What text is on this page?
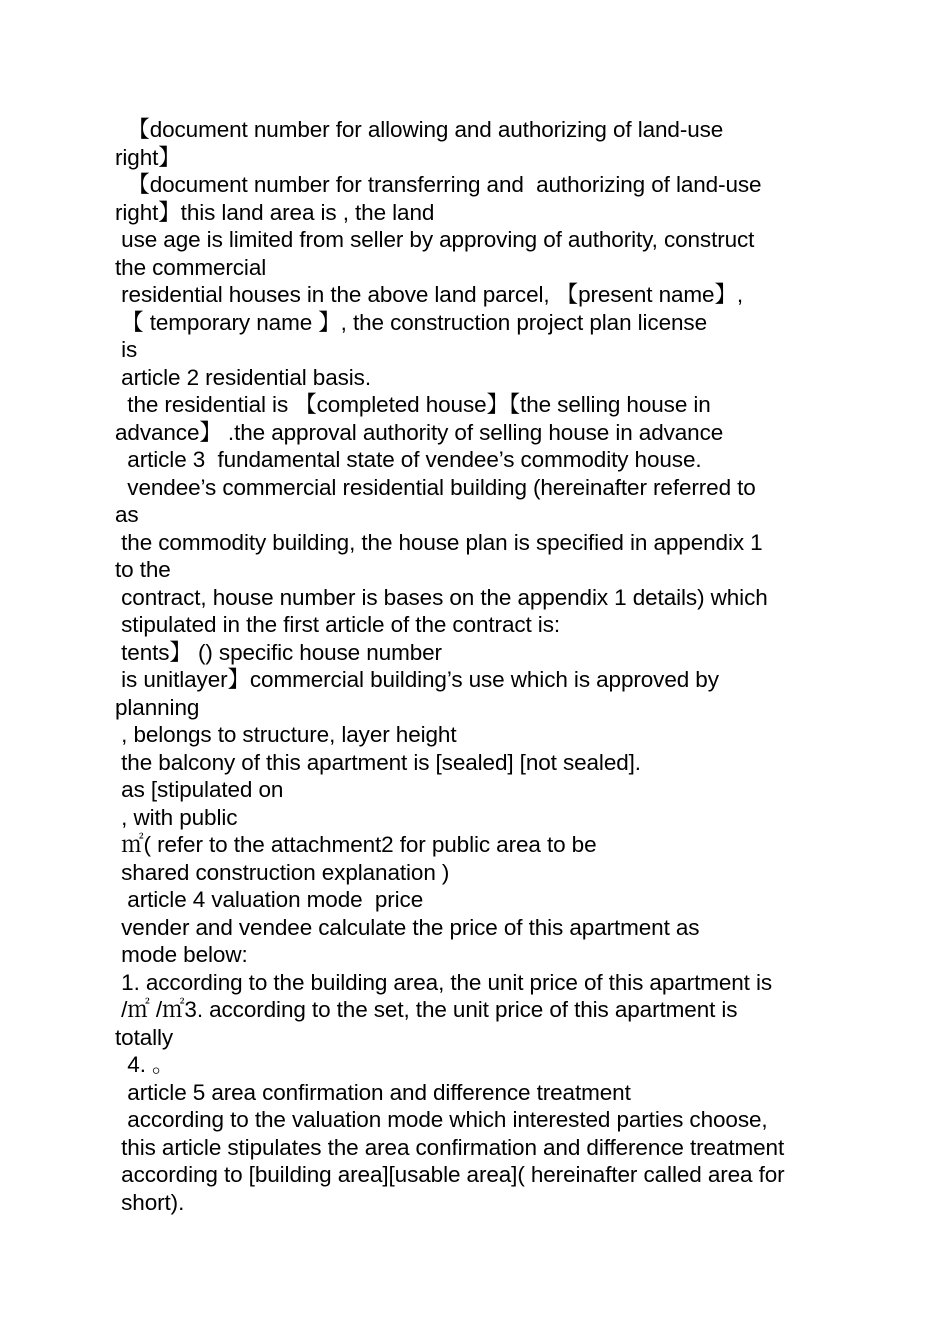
【document number for allowing and authorizing of land-use
right】
【document number for transferring and  authorizing of land-use
right】this land area is , the land
use age is limited from seller by approving of authority, construct
the commercial
residential houses in the above land parcel, 【present name】,
【 temporary name 】, the construction project plan license
is
article 2 residential basis.
the residential is 【completed house】【the selling house in
advance】 .the approval authority of selling house in advance
article 3  fundamental state of vendee’s commodity house.
vendee’s commercial residential building (hereinafter referred to
as
the commodity building, the house plan is specified in appendix 1
to the
contract, house number is bases on the appendix 1 details) which
stipulated in the first article of the contract is:
tents】 () specific house number
is unitlayer】commercial building’s use which is approved by
planning
, belongs to structure, layer height
the balcony of this apartment is [sealed] [not sealed].
as [stipulated on
, with public
㎡( refer to the attachment2 for public area to be
shared construction explanation )
article 4 valuation mode  price
vender and vendee calculate the price of this apartment as
mode below:
1. according to the building area, the unit price of this apartment is
/㎡ /㎡3. according to the set, the unit price of this apartment is
totally
4. 。
article 5 area confirmation and difference treatment
according to the valuation mode which interested parties choose,
this article stipulates the area confirmation and difference treatment
according to [building area][usable area]( hereinafter called area for
short).
